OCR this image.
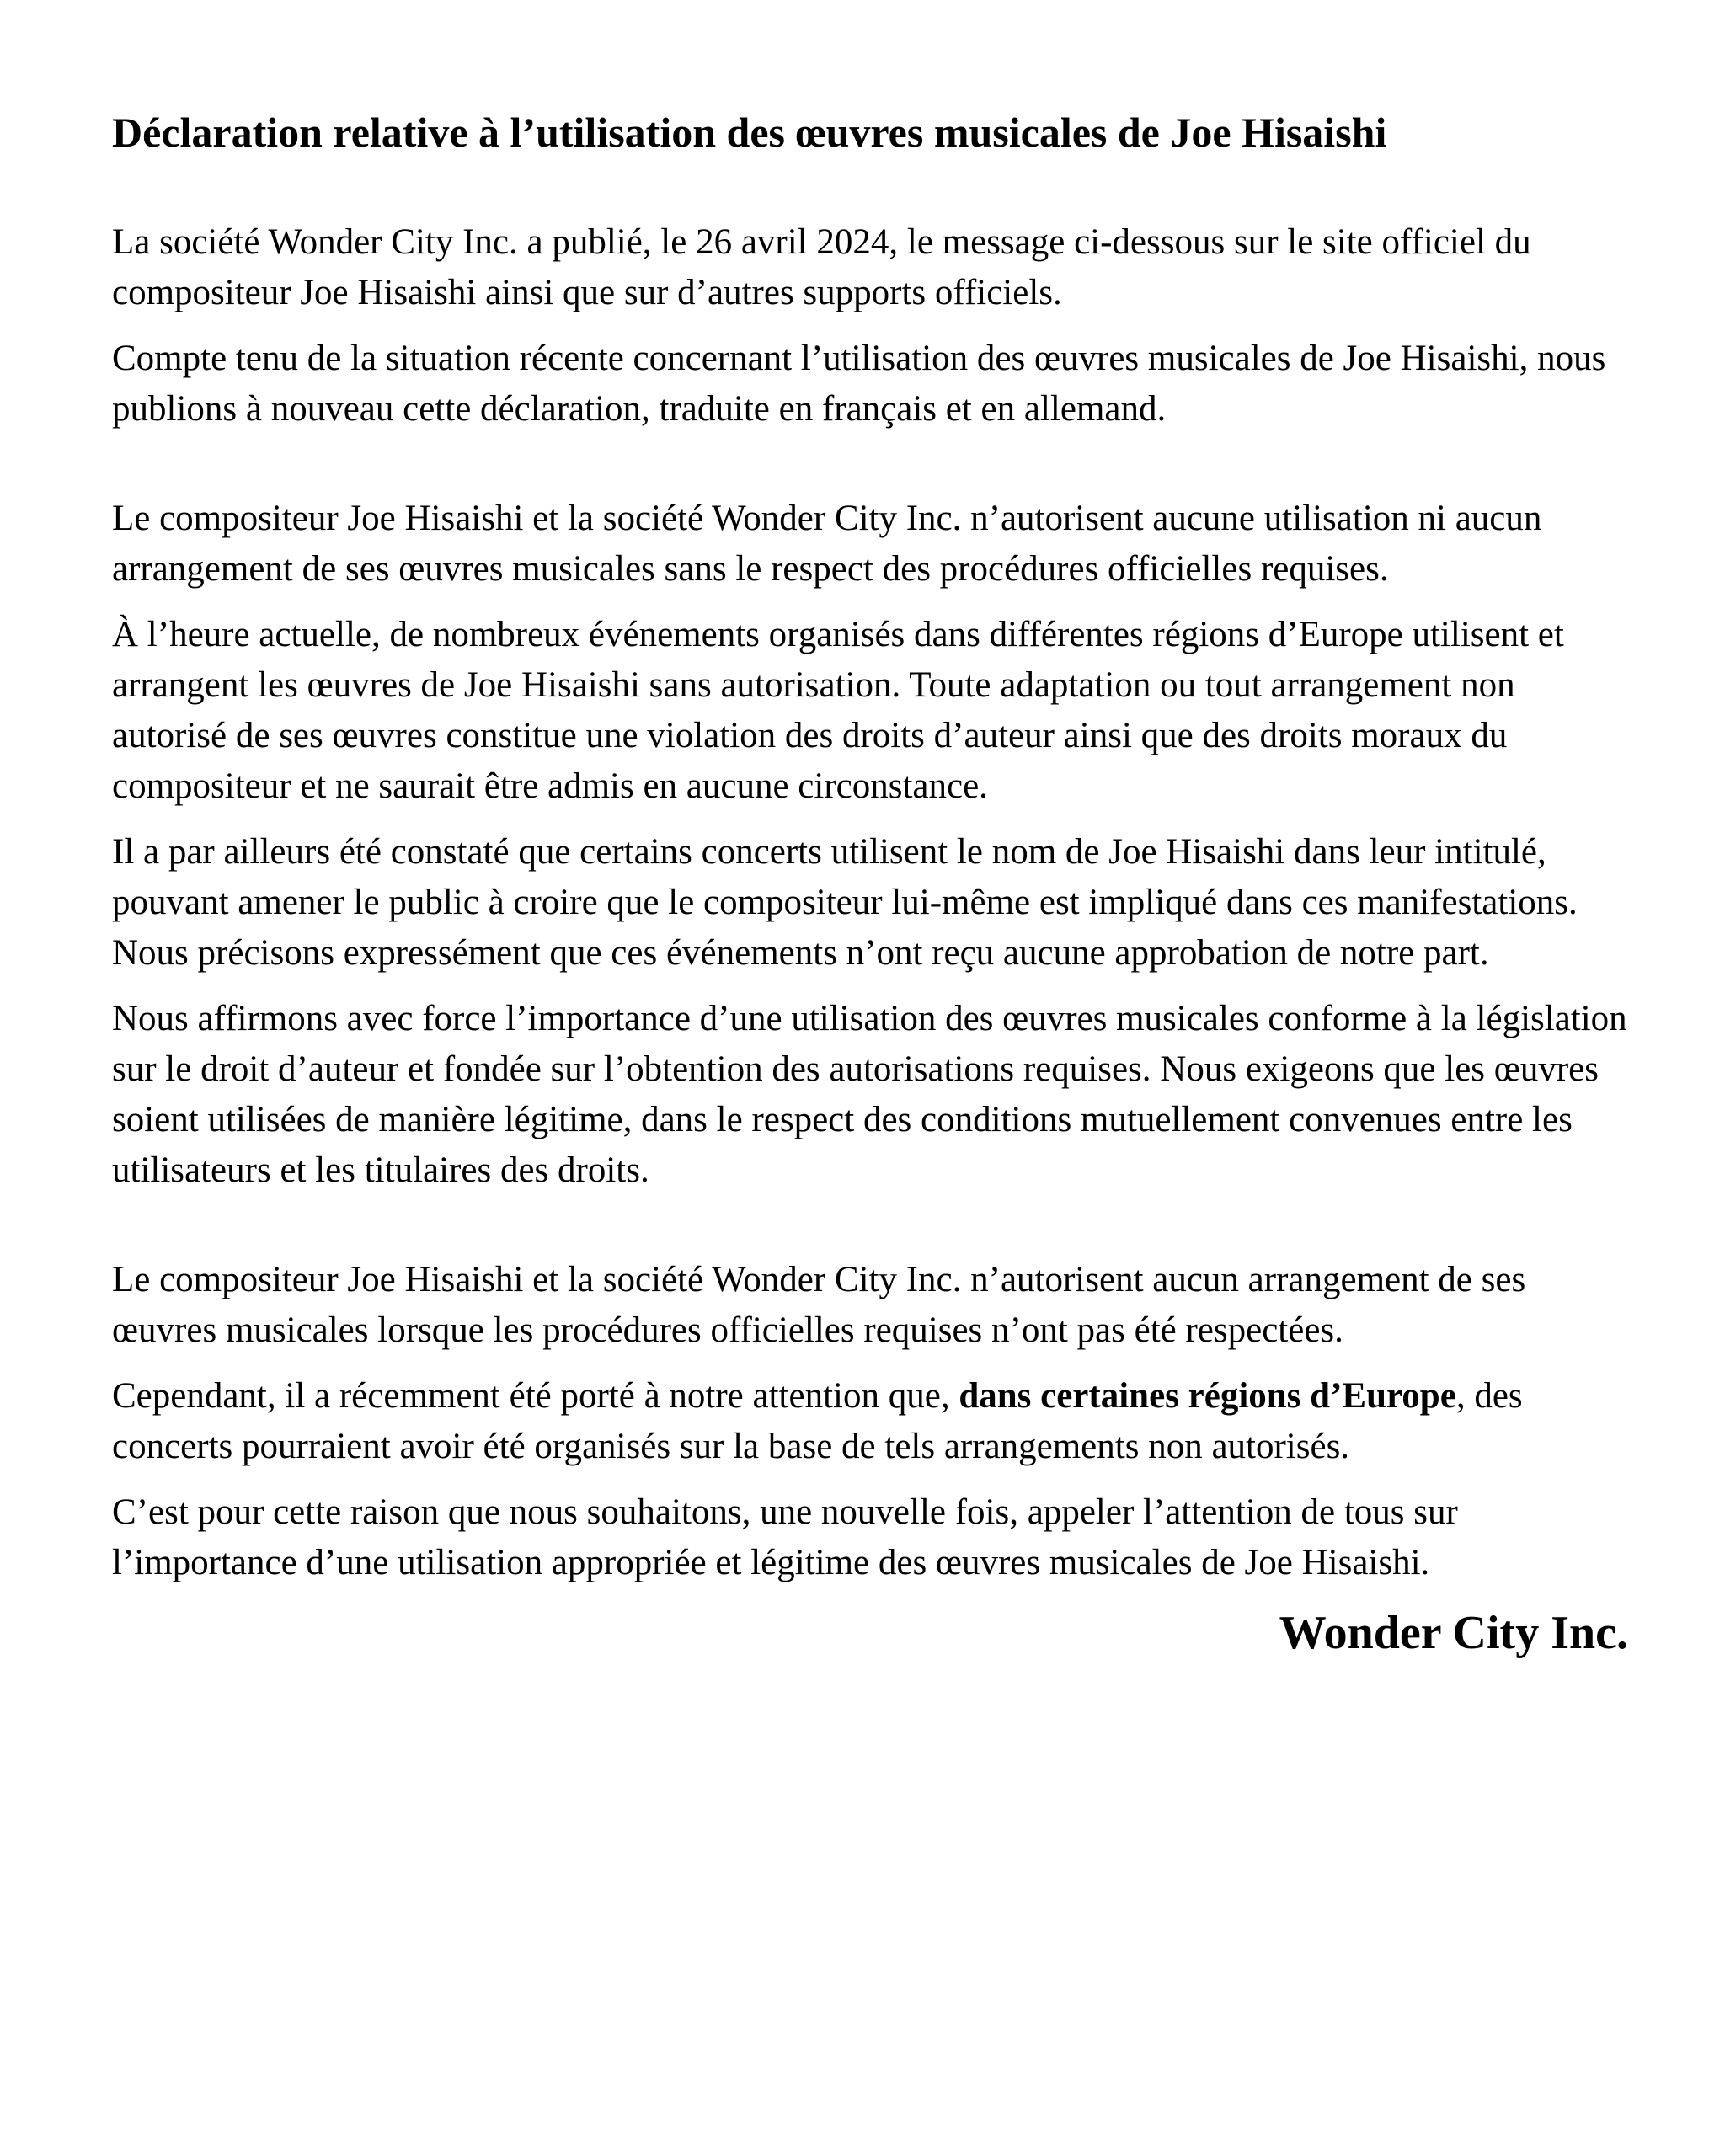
Déclaration relative à l’utilisation des œuvres musicales de Joe Hisaishi

La société Wonder City Inc. a publié, le 26 avril 2024, le message ci-dessous sur le site officiel du compositeur Joe Hisaishi ainsi que sur d’autres supports officiels.

Compte tenu de la situation récente concernant l’utilisation des œuvres musicales de Joe Hisaishi, nous publions à nouveau cette déclaration, traduite en français et en allemand.

Le compositeur Joe Hisaishi et la société Wonder City Inc. n’autorisent aucune utilisation ni aucun arrangement de ses œuvres musicales sans le respect des procédures officielles requises.

À l’heure actuelle, de nombreux événements organisés dans différentes régions d’Europe utilisent et arrangent les œuvres de Joe Hisaishi sans autorisation. Toute adaptation ou tout arrangement non autorisé de ses œuvres constitue une violation des droits d’auteur ainsi que des droits moraux du compositeur et ne saurait être admis en aucune circonstance.

Il a par ailleurs été constaté que certains concerts utilisent le nom de Joe Hisaishi dans leur intitulé, pouvant amener le public à croire que le compositeur lui-même est impliqué dans ces manifestations. Nous précisons expressément que ces événements n’ont reçu aucune approbation de notre part.

Nous affirmons avec force l’importance d’une utilisation des œuvres musicales conforme à la législation sur le droit d’auteur et fondée sur l’obtention des autorisations requises. Nous exigeons que les œuvres soient utilisées de manière légitime, dans le respect des conditions mutuellement convenues entre les utilisateurs et les titulaires des droits.

Le compositeur Joe Hisaishi et la société Wonder City Inc. n’autorisent aucun arrangement de ses œuvres musicales lorsque les procédures officielles requises n’ont pas été respectées.

Cependant, il a récemment été porté à notre attention que, dans certaines régions d’Europe, des concerts pourraient avoir été organisés sur la base de tels arrangements non autorisés.

C’est pour cette raison que nous souhaitons, une nouvelle fois, appeler l’attention de tous sur l’importance d’une utilisation appropriée et légitime des œuvres musicales de Joe Hisaishi.

Wonder City Inc.
